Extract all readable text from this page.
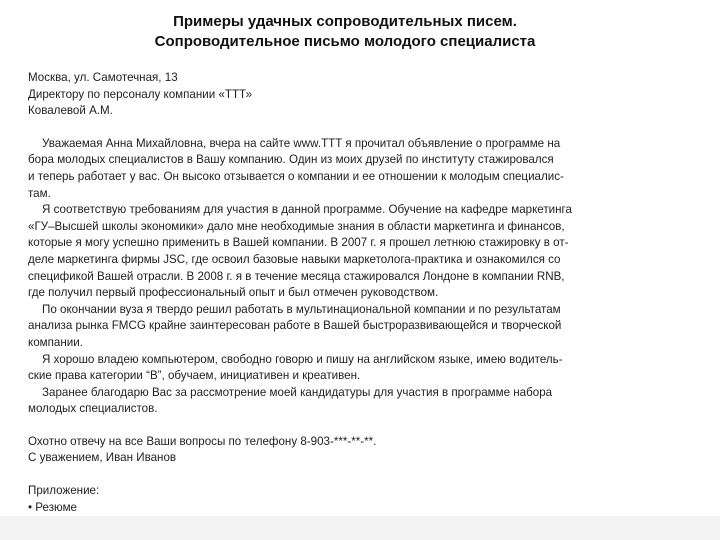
Примеры удачных сопроводительных писем.
Сопроводительное письмо молодого специалиста
Москва, ул. Самотечная, 13
Директору по персоналу компании «ТТТ»
Ковалевой А.М.
Уважаемая Анна Михайловна, вчера на сайте www.TTT я прочитал объявление о программе на
бора молодых специалистов в Вашу компанию. Один из моих друзей по институту стажировался
и теперь работает у вас. Он высоко отзывается о компании и ее отношении к молодым специалис-
там.
Я соответствую требованиям для участия в данной программе. Обучение на кафедре маркетинга
«ГУ–Высшей школы экономики» дало мне необходимые знания в области маркетинга и финансов,
которые я могу успешно применить в Вашей компании. В 2007 г. я прошел летнюю стажировку в от-
деле маркетинга фирмы JSC, где освоил базовые навыки маркетолога-практика и ознакомился со
спецификой Вашей отрасли. В 2008 г. я в течение месяца стажировался Лондоне в компании RNB,
где получил первый профессиональный опыт и был отмечен руководством.
По окончании вуза я твердо решил работать в мультинациональной компании и по результатам
анализа рынка FMCG крайне заинтересован работе в Вашей быстроразвивающейся и творческой
компании.
Я хорошо владею компьютером, свободно говорю и пишу на английском языке, имею водитель-
ские права категории “В”, обучаем, инициативен и креативен.
Заранее благодарю Вас за рассмотрение моей кандидатуры для участия в программе набора
молодых специалистов.
Охотно отвечу на все Ваши вопросы по телефону 8-903-***-**-**.
С уважением, Иван Иванов
Приложение:
• Резюме
